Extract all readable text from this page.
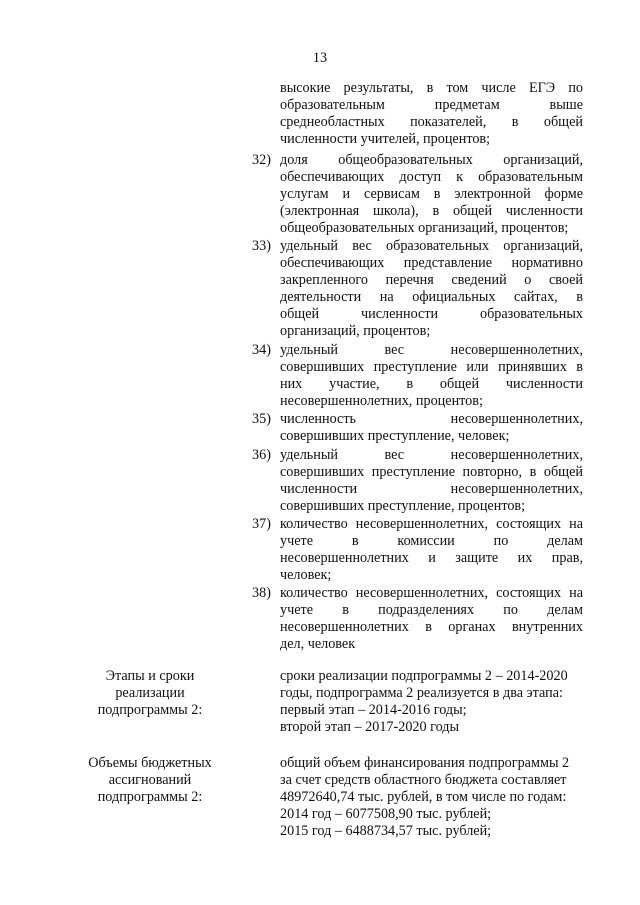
13
высокие результаты, в том числе ЕГЭ по
образовательным предметам выше
среднеобластных показателей, в общей
численности учителей, процентов;
32) доля общеобразовательных организаций,
обеспечивающих доступ к образовательным
услугам и сервисам в электронной форме
(электронная школа), в общей численности
общеобразовательных организаций, процентов;
33) удельный вес образовательных организаций,
обеспечивающих представление нормативно
закрепленного перечня сведений о своей
деятельности на официальных сайтах, в
общей численности образовательных
организаций, процентов;
34) удельный вес несовершеннолетних,
совершивших преступление или принявших в
них участие, в общей численности
несовершеннолетних, процентов;
35) численность несовершеннолетних,
совершивших преступление, человек;
36) удельный вес несовершеннолетних,
совершивших преступление повторно, в общей
численности несовершеннолетних,
совершивших преступление, процентов;
37) количество несовершеннолетних, состоящих на
учете в комиссии по делам
несовершеннолетних и защите их прав,
человек;
38) количество несовершеннолетних, состоящих на
учете в подразделениях по делам
несовершеннолетних в органах внутренних
дел, человек
Этапы и сроки
реализации
подпрограммы 2:
сроки реализации подпрограммы 2 – 2014-2020
годы, подпрограмма 2 реализуется в два этапа:
первый этап – 2014-2016 годы;
второй этап – 2017-2020 годы
Объемы бюджетных
ассигнований
подпрограммы 2:
общий объем финансирования подпрограммы 2
за счет средств областного бюджета составляет
48972640,74 тыс. рублей, в том числе по годам:
2014 год – 6077508,90 тыс. рублей;
2015 год – 6488734,57 тыс. рублей;
